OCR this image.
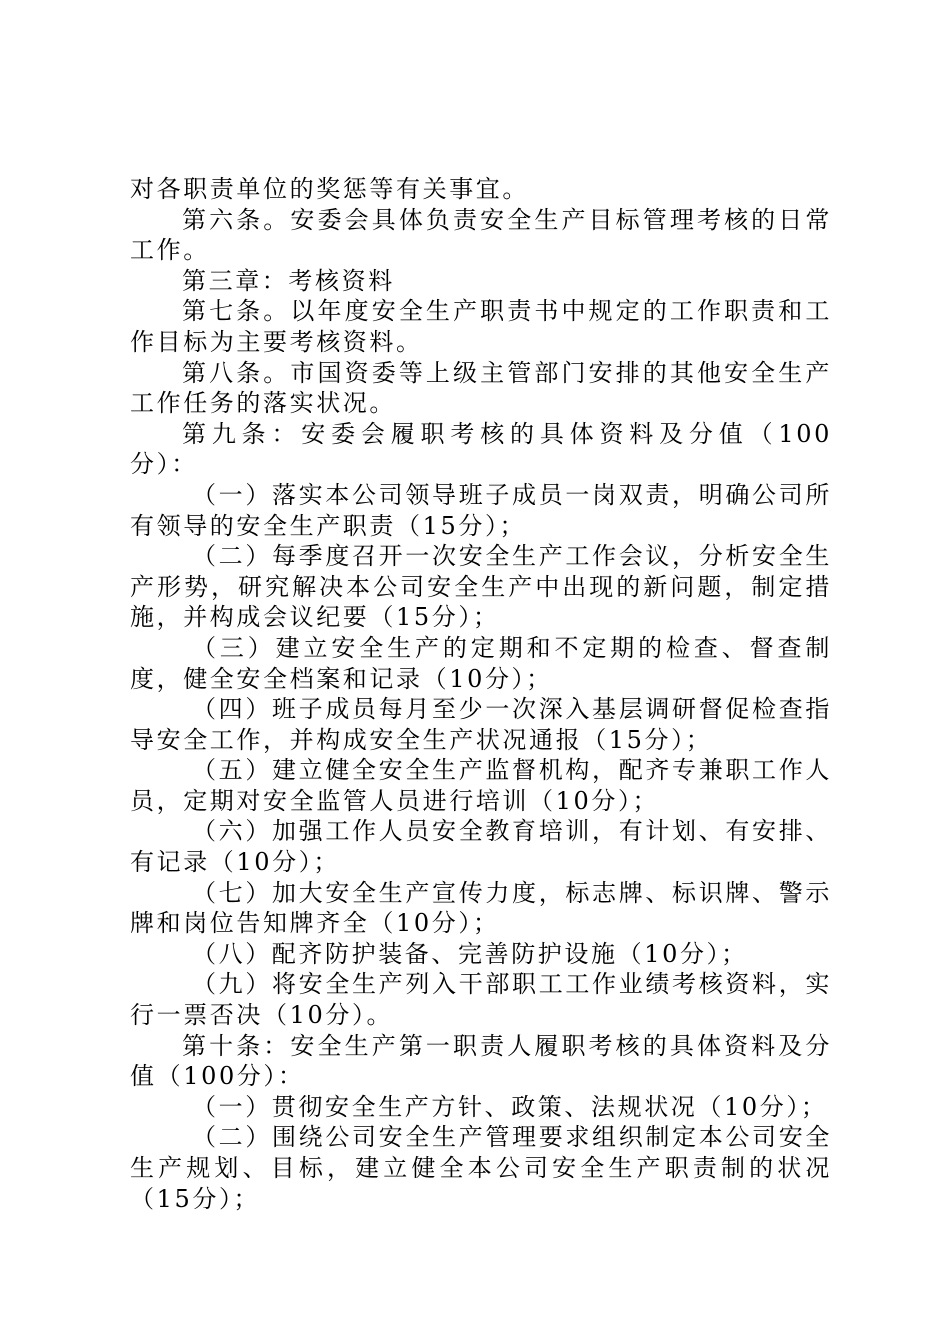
对各职责单位的奖惩等有关事宜。

第六条。安委会具体负责安全生产目标管理考核的日常工作。

第三章：考核资料

第七条。以年度安全生产职责书中规定的工作职责和工作目标为主要考核资料。

第八条。市国资委等上级主管部门安排的其他安全生产工作任务的落实状况。

第九条：安委会履职考核的具体资料及分值（100分）：

（一）落实本公司领导班子成员一岗双责，明确公司所有领导的安全生产职责（15分）；

（二）每季度召开一次安全生产工作会议，分析安全生产形势，研究解决本公司安全生产中出现的新问题，制定措施，并构成会议纪要（15分）；

（三）建立安全生产的定期和不定期的检查、督查制度，健全安全档案和记录（10分）；

（四）班子成员每月至少一次深入基层调研督促检查指导安全工作，并构成安全生产状况通报（15分）；

（五）建立健全安全生产监督机构，配齐专兼职工作人员，定期对安全监管人员进行培训（10分）；

（六）加强工作人员安全教育培训，有计划、有安排、有记录（10分）；

（七）加大安全生产宣传力度，标志牌、标识牌、警示牌和岗位告知牌齐全（10分）；

（八）配齐防护装备、完善防护设施（10分）；

（九）将安全生产列入干部职工工作业绩考核资料，实行一票否决（10分）。

第十条：安全生产第一职责人履职考核的具体资料及分值（100分）：

（一）贯彻安全生产方针、政策、法规状况（10分）；

（二）围绕公司安全生产管理要求组织制定本公司安全生产规划、目标，建立健全本公司安全生产职责制的状况（15分）；
